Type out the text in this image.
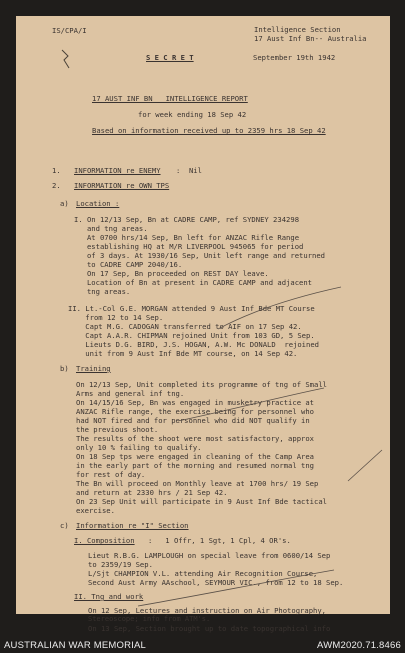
IS/CPA/I	Intelligence Section
17 Aust Inf Bn-- Australia
S E C R E T	September 19th 1942
17 AUST INF BN   INTELLIGENCE REPORT
for week ending 18 Sep 42
Based on information received up to 2359 hrs 18 Sep 42
1. INFORMATION re ENEMY :  Nil
2. INFORMATION re OWN TPS
a) Location :
I. On 12/13 Sep, Bn at CADRE CAMP, ref SYDNEY 234298
and tng areas.
At 0700 hrs/14 Sep, Bn left for ANZAC Rifle Range
establishing HQ at M/R LIVERPOOL 945065 for period
of 3 days. At 1930/16 Sep, Unit left range and returned
to CADRE CAMP 2040/16.
On 17 Sep, Bn proceeded on REST DAY leave.
Location of Bn at present in CADRE CAMP and adjacent
tng areas.
II. Lt.-Col G.E. MORGAN attended 9 Aust Inf Bde MT Course
from 12 to 14 Sep.
Capt M.G. CADOGAN transferred to AIF on 17 Sep 42.
Capt A.A.R. CHIPMAN rejoined Unit from 103 GD, 5 Sep.
Lieuts D.G. BIRD, J.S. HOGAN, A.W. Mc DONALD  rejoined
unit from 9 Aust Inf Bde MT course, on 14 Sep 42.
b) Training
On 12/13 Sep, Unit completed its programme of tng of Small
Arms and general inf tng.
On 14/15/16 Sep, Bn was engaged in musketry practice at
ANZAC Rifle range, the exercise being for personnel who
had NOT fired and for personnel who did NOT qualify in
the previous shoot.
The results of the shoot were most satisfactory, approx
only 10 % failing to qualify.
On 18 Sep tps were engaged in cleaning of the Camp Area
in the early part of the morning and resumed normal tng
for rest of day.
The Bn will proceed on Monthly leave at 1700 hrs/ 19 Sep
and return at 2330 hrs / 21 Sep 42.
On 23 Sep Unit will participate in 9 Aust Inf Bde tactical
exercise.
c) Information re "I" Section
I. Composition :   1 Offr, 1 Sgt, 1 Cpl, 4 OR's.
Lieut R.B.G. LAMPLOUGH on special leave from 0600/14 Sep
to 2359/19 Sep.
L/Sjt CHAMPION V.L. attending Air Recognition Course,
Second Aust Army AAschool, SEYMOUR VIC., from 12 to 18 Sep.
II. Tng and work
On 12 Sep, Lectures and instruction on Air Photography,
Stereoscope; info from ATM's.
On 13 Sep, Section brought up to date topographical info
AUSTRALIAN WAR MEMORIAL	AWM2020.71.8466
